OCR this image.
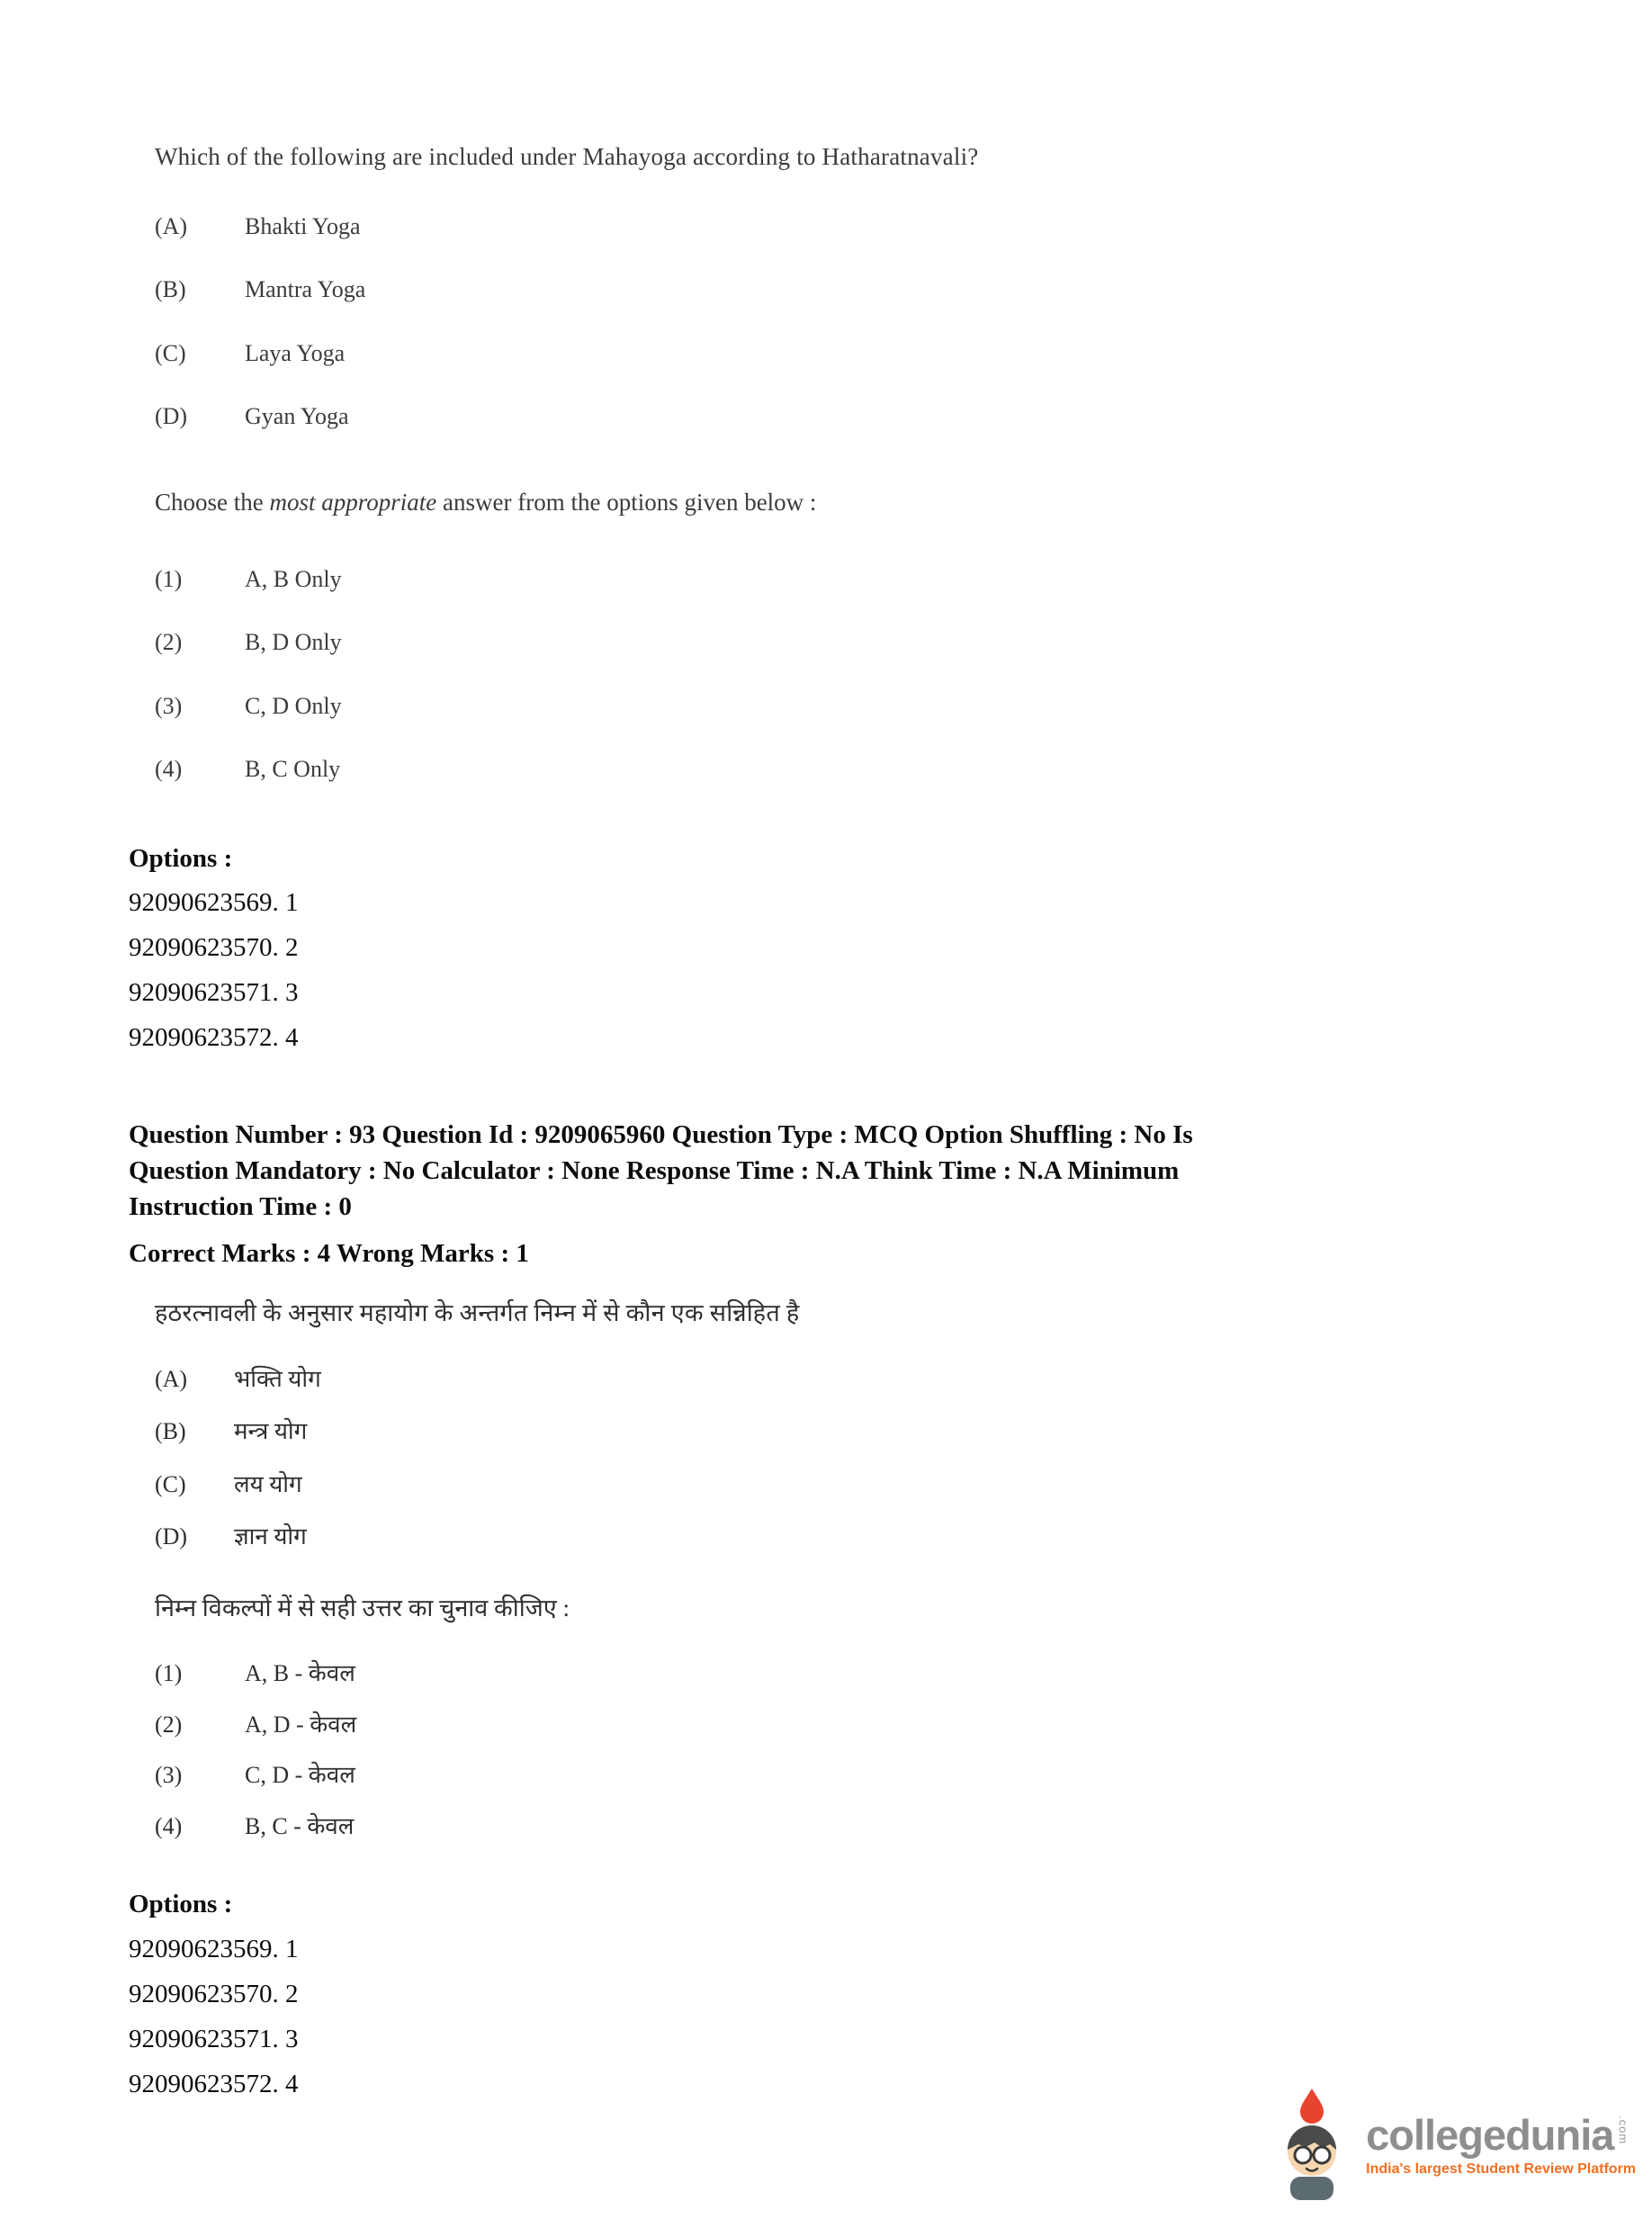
Which of the following are included under Mahayoga according to Hatharatnavali?
(A)	Bhakti Yoga
(B)	Mantra Yoga
(C)	Laya Yoga
(D)	Gyan Yoga
Choose the most appropriate answer from the options given below :
(1)	A, B Only
(2)	B, D Only
(3)	C, D Only
(4)	B, C Only
Options :
92090623569. 1
92090623570. 2
92090623571. 3
92090623572. 4
Question Number : 93 Question Id : 9209065960 Question Type : MCQ Option Shuffling : No Is
Question Mandatory : No Calculator : None Response Time : N.A Think Time : N.A Minimum
Instruction Time : 0
Correct Marks : 4 Wrong Marks : 1
हठरत्नावली के अनुसार महायोग के अन्तर्गत निम्न में से कौन एक सन्निहित है
(A)	भक्ति योग
(B)	मन्त्र योग
(C)	लय योग
(D)	ज्ञान योग
निम्न विकल्पों में से सही उत्तर का चुनाव कीजिए :
(1)	A, B - केवल
(2)	A, D - केवल
(3)	C, D - केवल
(4)	B, C - केवल
Options :
92090623569. 1
92090623570. 2
92090623571. 3
92090623572. 4
collegedunia .com
India's largest Student Review Platform
